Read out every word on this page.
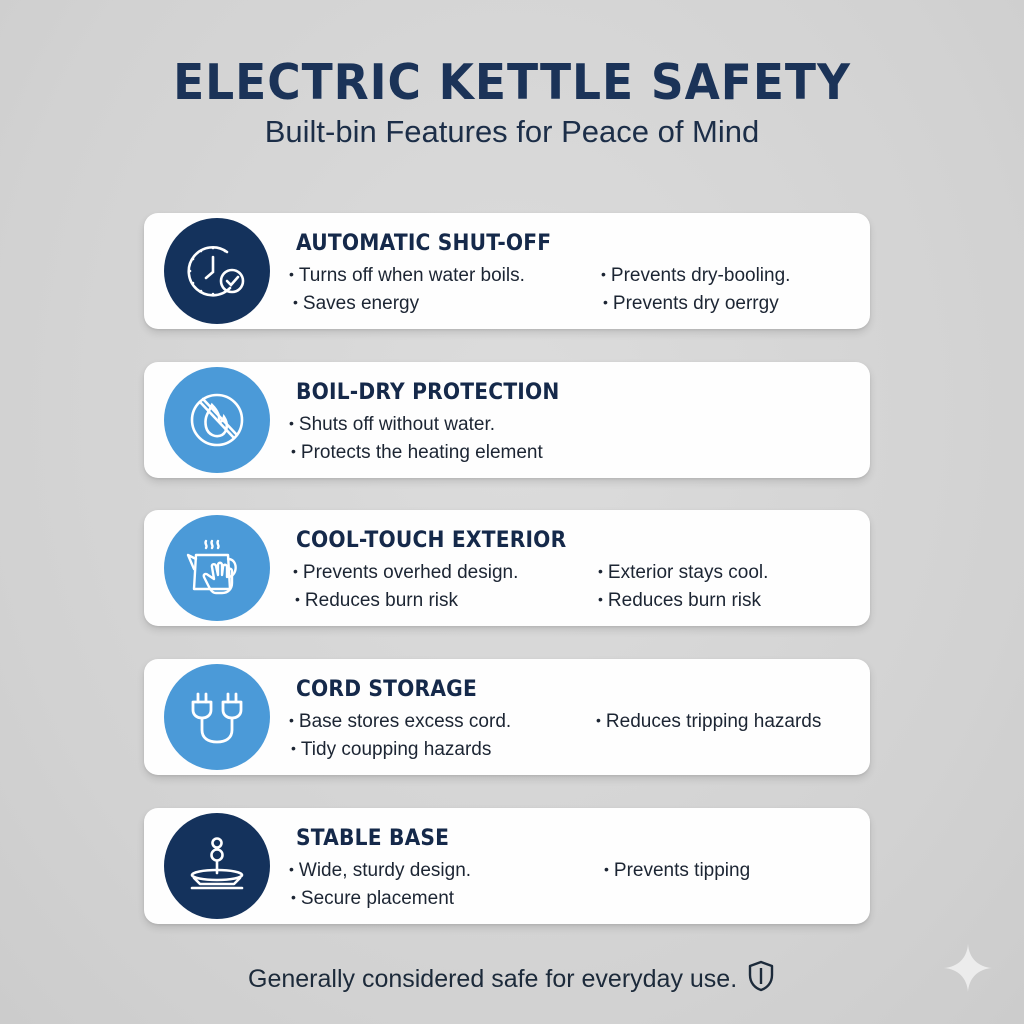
ELECTRIC KETTLE SAFETY
Built-bin Features for Peace of Mind
AUTOMATIC SHUT-OFF
• Turns off when water boils.
• Saves energy
• Prevents dry-booling.
• Prevents dry oerrgy
BOIL-DRY PROTECTION
• Shuts off without water.
• Protects the heating element
COOL-TOUCH EXTERIOR
• Prevents overhed design.
• Reduces burn risk
• Exterior stays cool.
• Reduces burn risk
CORD STORAGE
• Base stores excess cord.
• Tidy coupping hazards
• Reduces tripping hazards
STABLE BASE
• Wide, sturdy design.
• Secure placement
• Prevents tipping
Generally considered safe for everyday use.
